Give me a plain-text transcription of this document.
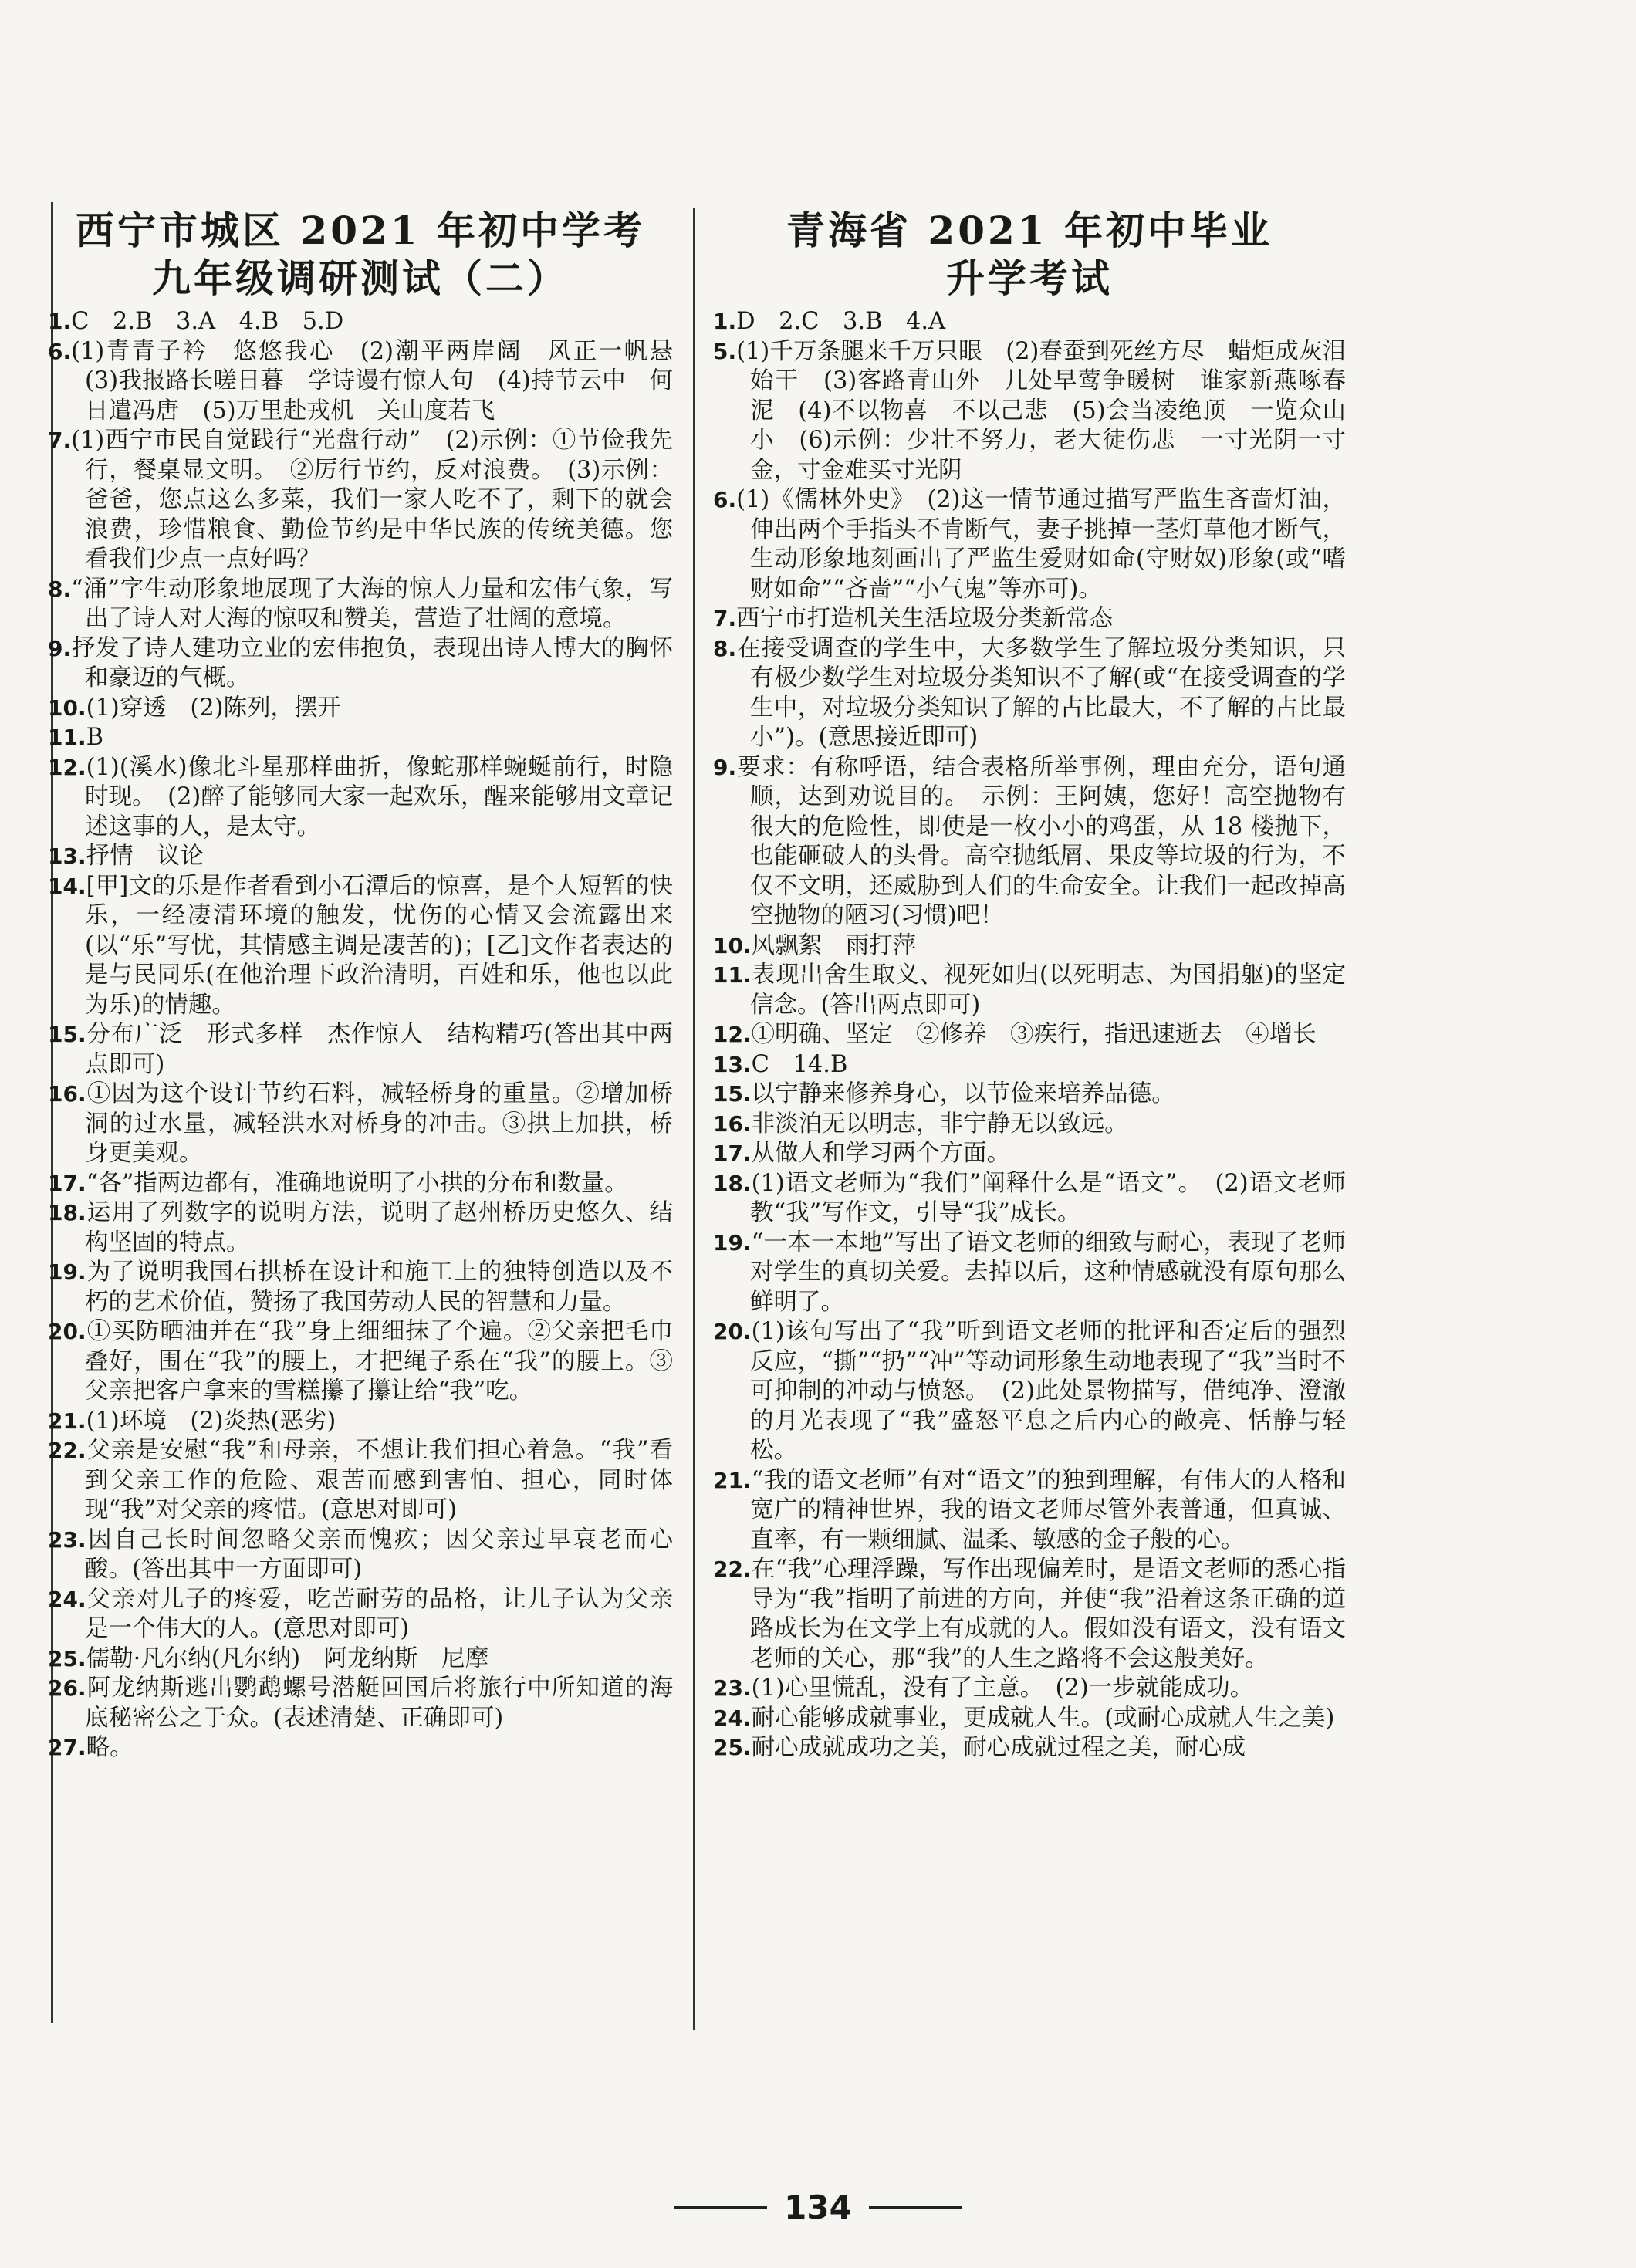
西宁市城区 2021 年初中学考
九年级调研测试（二）

1.C　2.B　3.A　4.B　5.D

6.(1)青青子衿　悠悠我心　(2)潮平两岸阔　风正一帆悬　(3)我报路长嗟日暮　学诗谩有惊人句　(4)持节云中　何日遣冯唐　(5)万里赴戎机　关山度若飞

7.(1)西宁市民自觉践行“光盘行动”　(2)示例：①节俭我先行，餐桌显文明。　②厉行节约，反对浪费。　(3)示例：爸爸，您点这么多菜，我们一家人吃不了，剩下的就会浪费，珍惜粮食、勤俭节约是中华民族的传统美德。您看我们少点一点好吗？

8.“涌”字生动形象地展现了大海的惊人力量和宏伟气象，写出了诗人对大海的惊叹和赞美，营造了壮阔的意境。

9.抒发了诗人建功立业的宏伟抱负，表现出诗人博大的胸怀和豪迈的气概。

10.(1)穿透　(2)陈列，摆开

11.B

12.(1)(溪水)像北斗星那样曲折，像蛇那样蜿蜒前行，时隐时现。　(2)醉了能够同大家一起欢乐，醒来能够用文章记述这事的人，是太守。

13.抒情　议论

14.[甲]文的乐是作者看到小石潭后的惊喜，是个人短暂的快乐，一经凄清环境的触发，忧伤的心情又会流露出来(以“乐”写忧，其情感主调是凄苦的)；[乙]文作者表达的是与民同乐(在他治理下政治清明，百姓和乐，他也以此为乐)的情趣。

15.分布广泛　形式多样　杰作惊人　结构精巧(答出其中两点即可)

16.①因为这个设计节约石料，减轻桥身的重量。②增加桥洞的过水量，减轻洪水对桥身的冲击。③拱上加拱，桥身更美观。

17.“各”指两边都有，准确地说明了小拱的分布和数量。

18.运用了列数字的说明方法，说明了赵州桥历史悠久、结构坚固的特点。

19.为了说明我国石拱桥在设计和施工上的独特创造以及不朽的艺术价值，赞扬了我国劳动人民的智慧和力量。

20.①买防晒油并在“我”身上细细抹了个遍。②父亲把毛巾叠好，围在“我”的腰上，才把绳子系在“我”的腰上。③父亲把客户拿来的雪糕攥了攥让给“我”吃。

21.(1)环境　(2)炎热(恶劣)

22.父亲是安慰“我”和母亲，不想让我们担心着急。“我”看到父亲工作的危险、艰苦而感到害怕、担心，同时体现“我”对父亲的疼惜。(意思对即可)

23.因自己长时间忽略父亲而愧疚；因父亲过早衰老而心酸。(答出其中一方面即可)

24.父亲对儿子的疼爱，吃苦耐劳的品格，让儿子认为父亲是一个伟大的人。(意思对即可)

25.儒勒·凡尔纳(凡尔纳)　阿龙纳斯　尼摩

26.阿龙纳斯逃出鹦鹉螺号潜艇回国后将旅行中所知道的海底秘密公之于众。(表述清楚、正确即可)

27.略。

青海省 2021 年初中毕业
升学考试

1.D　2.C　3.B　4.A

5.(1)千万条腿来千万只眼　(2)春蚕到死丝方尽　蜡炬成灰泪始干　(3)客路青山外　几处早莺争暖树　谁家新燕啄春泥　(4)不以物喜　不以己悲　(5)会当凌绝顶　一览众山小　(6)示例：少壮不努力，老大徒伤悲　一寸光阴一寸金，寸金难买寸光阴

6.(1)《儒林外史》　(2)这一情节通过描写严监生吝啬灯油，伸出两个手指头不肯断气，妻子挑掉一茎灯草他才断气，生动形象地刻画出了严监生爱财如命(守财奴)形象(或“嗜财如命”“吝啬”“小气鬼”等亦可)。

7.西宁市打造机关生活垃圾分类新常态

8.在接受调查的学生中，大多数学生了解垃圾分类知识，只有极少数学生对垃圾分类知识不了解(或“在接受调查的学生中，对垃圾分类知识了解的占比最大，不了解的占比最小”)。(意思接近即可)

9.要求：有称呼语，结合表格所举事例，理由充分，语句通顺，达到劝说目的。　示例：王阿姨，您好！高空抛物有很大的危险性，即使是一枚小小的鸡蛋，从 18 楼抛下，也能砸破人的头骨。高空抛纸屑、果皮等垃圾的行为，不仅不文明，还威胁到人们的生命安全。让我们一起改掉高空抛物的陋习(习惯)吧！

10.风飘絮　雨打萍

11.表现出舍生取义、视死如归(以死明志、为国捐躯)的坚定信念。(答出两点即可)

12.①明确、坚定　②修养　③疾行，指迅速逝去　④增长

13.C　14.B

15.以宁静来修养身心，以节俭来培养品德。

16.非淡泊无以明志，非宁静无以致远。

17.从做人和学习两个方面。

18.(1)语文老师为“我们”阐释什么是“语文”。　(2)语文老师教“我”写作文，引导“我”成长。

19.“一本一本地”写出了语文老师的细致与耐心，表现了老师对学生的真切关爱。去掉以后，这种情感就没有原句那么鲜明了。

20.(1)该句写出了“我”听到语文老师的批评和否定后的强烈反应，“撕”“扔”“冲”等动词形象生动地表现了“我”当时不可抑制的冲动与愤怒。　(2)此处景物描写，借纯净、澄澈的月光表现了“我”盛怒平息之后内心的敞亮、恬静与轻松。

21.“我的语文老师”有对“语文”的独到理解，有伟大的人格和宽广的精神世界，我的语文老师尽管外表普通，但真诚、直率，有一颗细腻、温柔、敏感的金子般的心。

22.在“我”心理浮躁，写作出现偏差时，是语文老师的悉心指导为“我”指明了前进的方向，并使“我”沿着这条正确的道路成长为在文学上有成就的人。假如没有语文，没有语文老师的关心，那“我”的人生之路将不会这般美好。

23.(1)心里慌乱，没有了主意。　(2)一步就能成功。

24.耐心能够成就事业，更成就人生。(或耐心成就人生之美)

25.耐心成就成功之美，耐心成就过程之美，耐心成

134
